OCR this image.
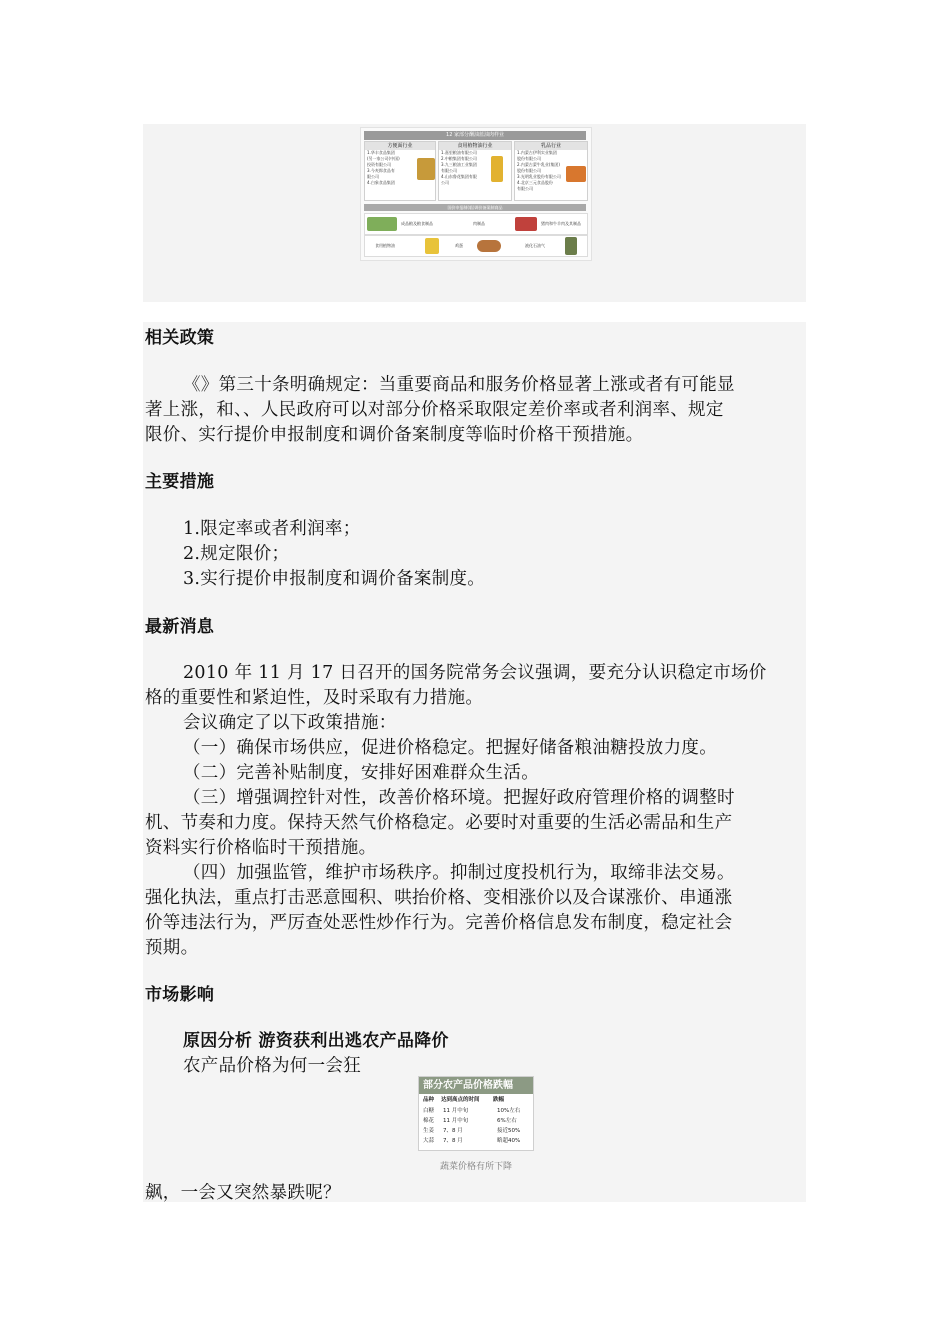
12 家部分酬油蓝油肉样业
方便面行业
1.华丰食品集团
(另一家公司(中国)
投资有限公司
3.今麦郎食品有
限公司
4.白象食品集团
食用植物油行业
1.嘉里粮油有限公司
2.中粮集团有限公司
3.九三粮油工业集团
有限公司
4.山东鲁花集团有限
公司
乳品行业
1.内蒙古伊利实业集团
股份有限公司
2.内蒙古蒙牛乳业(集团)
股份有限公司
3.光明乳业股份有限公司
4.北京三元食品股份
有限公司
国价申报制(临)调价备案制商品
成品粮及粮食制品	肉制品	猪肉和牛羊肉及其制品
食用植物油	鸡蛋	液化石油气
相关政策
《》第三十条明确规定：当重要商品和服务价格显著上涨或者有可能显
著上涨，和、、人民政府可以对部分价格采取限定差价率或者利润率、规定
限价、实行提价申报制度和调价备案制度等临时价格干预措施。
主要措施
1.限定率或者利润率；
2.规定限价；
3.实行提价申报制度和调价备案制度。
最新消息
2010 年 11 月 17 日召开的国务院常务会议强调，要充分认识稳定市场价
格的重要性和紧迫性，及时采取有力措施。
会议确定了以下政策措施：
（一）确保市场供应，促进价格稳定。把握好储备粮油糖投放力度。
（二）完善补贴制度，安排好困难群众生活。
（三）增强调控针对性，改善价格环境。把握好政府管理价格的调整时
机、节奏和力度。保持天然气价格稳定。必要时对重要的生活必需品和生产
资料实行价格临时干预措施。
（四）加强监管，维护市场秩序。抑制过度投机行为，取缔非法交易。
强化执法，重点打击恶意囤积、哄抬价格、变相涨价以及合谋涨价、串通涨
价等违法行为，严厉查处恶性炒作行为。完善价格信息发布制度，稳定社会
预期。
市场影响
原因分析 游资获利出逃农产品降价
农产品价格为何一会狂
部分农产品价格跌幅
品种 达到高点的时间 跌幅
白糖 11 月中旬	10%左右
棉花 11 月中旬	6%左右
生姜 7、8 月	接近50%
大蒜 7、8 月	略超40%
蔬菜价格有所下降
飙，一会又突然暴跌呢？
